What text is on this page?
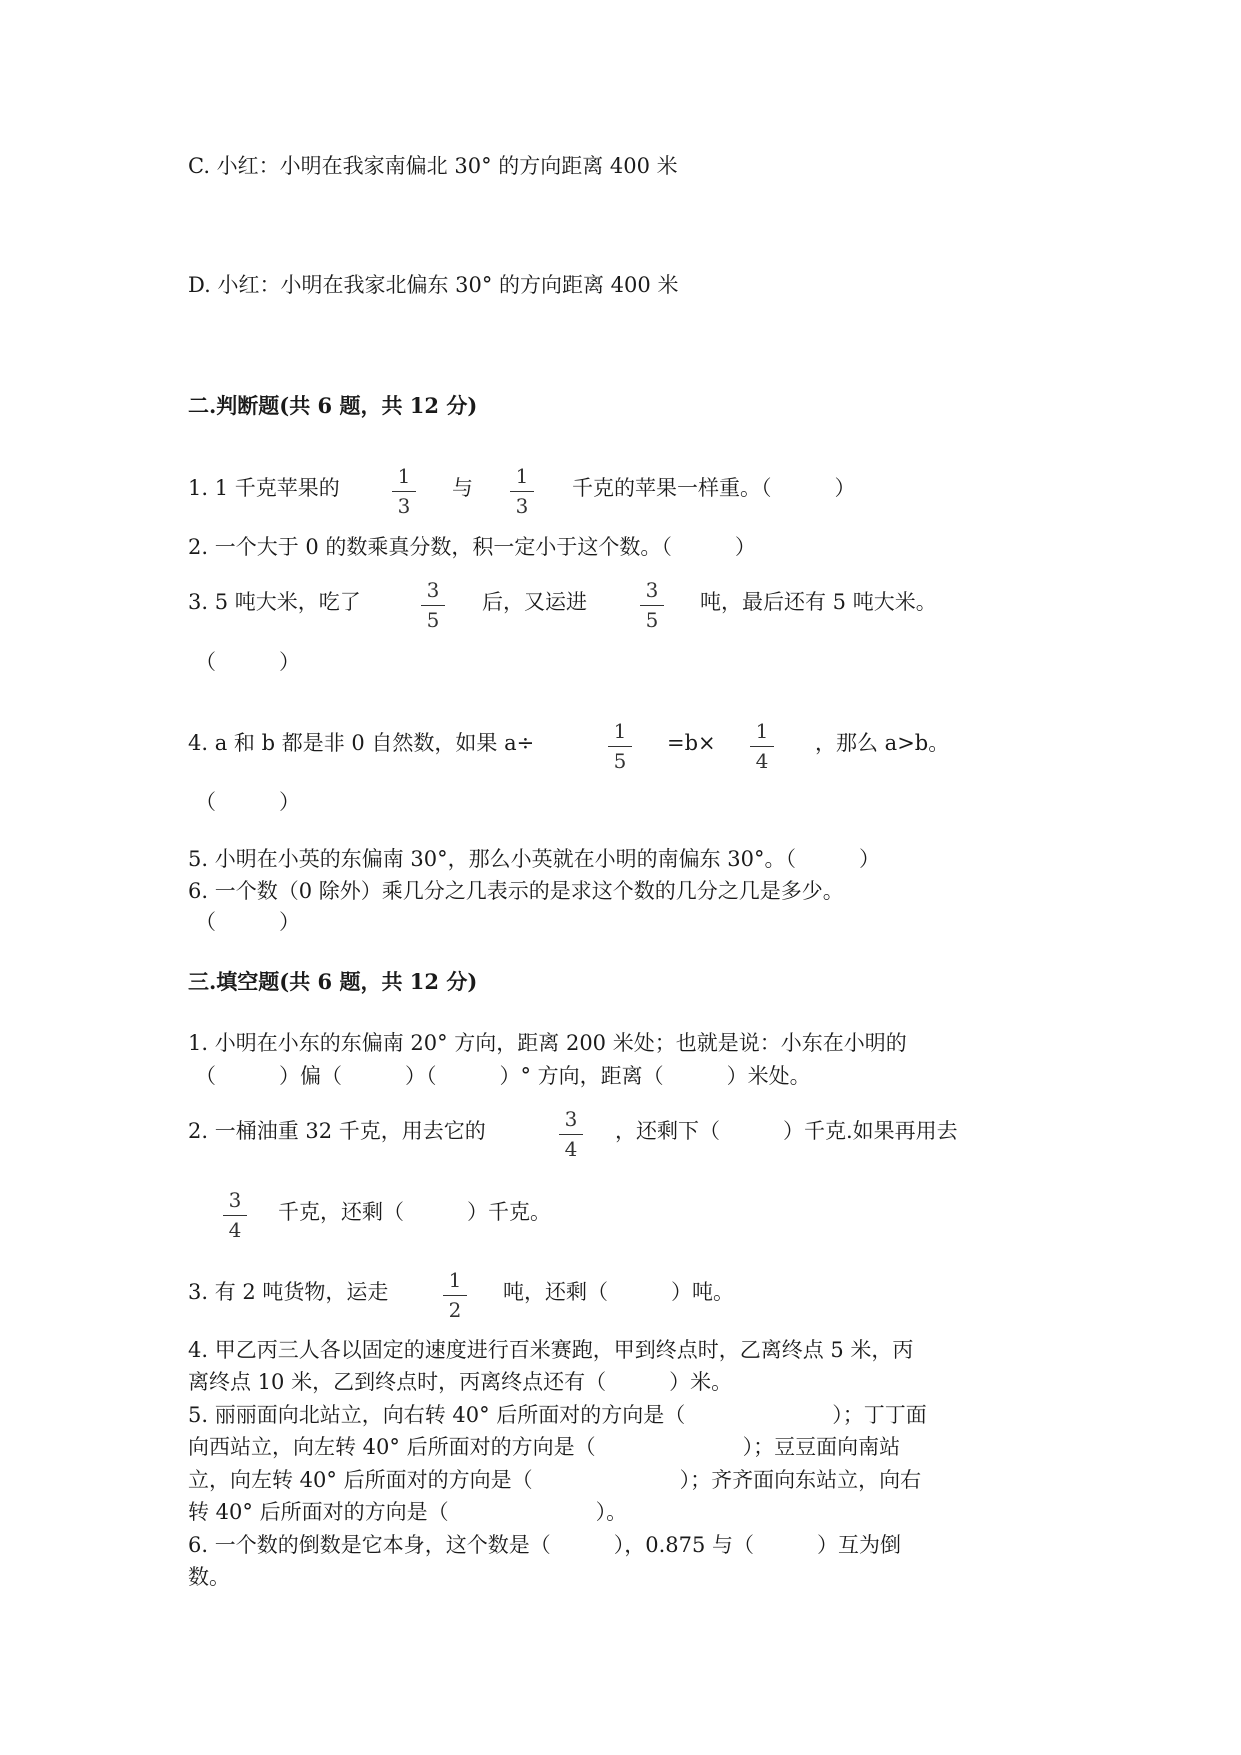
C. 小红：小明在我家南偏北 30° 的方向距离 400 米
D. 小红：小明在我家北偏东 30° 的方向距离 400 米
二.判断题(共 6 题，共 12 分)
1. 1 千克苹果的	1
3
与	1
3
千克的苹果一样重。（　　　）
2. 一个大于 0 的数乘真分数，积一定小于这个数。（　　　）
3. 5 吨大米，吃了	3
5
后，又运进	3
5
吨，最后还有 5 吨大米。
（　　　）
4. a 和 b 都是非 0 自然数，如果 a÷	1
5
=b×	1
4
，那么 a>b。
（　　　）
5. 小明在小英的东偏南 30°，那么小英就在小明的南偏东 30°。（　　　）
6. 一个数（0 除外）乘几分之几表示的是求这个数的几分之几是多少。
（　　　）
三.填空题(共 6 题，共 12 分)
1. 小明在小东的东偏南 20° 方向，距离 200 米处；也就是说：小东在小明的
（　　　）偏（　　　）（　　　）° 方向，距离（　　　）米处。
2. 一桶油重 32 千克，用去它的	3
4
，还剩下（　　　）千克.如果再用去
3
4
千克，还剩（　　　）千克。
3. 有 2 吨货物，运走	1
2
吨，还剩（　　　）吨。
4. 甲乙丙三人各以固定的速度进行百米赛跑，甲到终点时，乙离终点 5 米，丙
离终点 10 米，乙到终点时，丙离终点还有（　　　）米。
5. 丽丽面向北站立，向右转 40° 后所面对的方向是（　　　　　　　）；丁丁面
向西站立，向左转 40° 后所面对的方向是（　　　　　　　）；豆豆面向南站
立，向左转 40° 后所面对的方向是（　　　　　　　）；齐齐面向东站立，向右
转 40° 后所面对的方向是（　　　　　　　）。
6. 一个数的倒数是它本身，这个数是（　　　），0.875 与（　　　）互为倒
数。
